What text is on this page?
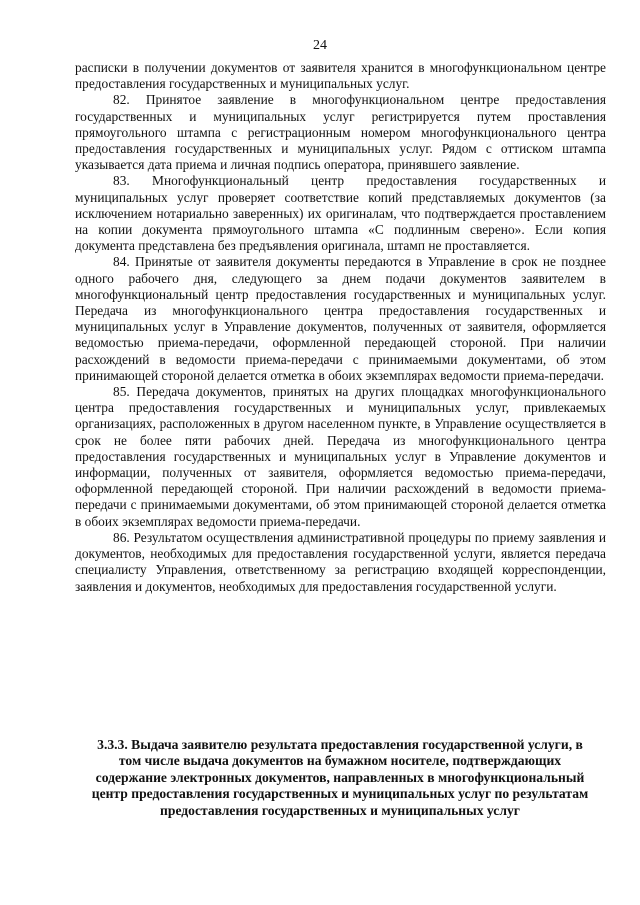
24

расписки в получении документов от заявителя хранится в многофункциональном центре предоставления государственных и муниципальных услуг.

82. Принятое заявление в многофункциональном центре предоставления государственных и муниципальных услуг регистрируется путем проставления прямоугольного штампа с регистрационным номером многофункционального центра предоставления государственных и муниципальных услуг. Рядом с оттиском штампа указывается дата приема и личная подпись оператора, принявшего заявление.

83. Многофункциональный центр предоставления государственных и муниципальных услуг проверяет соответствие копий представляемых документов (за исключением нотариально заверенных) их оригиналам, что подтверждается проставлением на копии документа прямоугольного штампа «С подлинным сверено». Если копия документа представлена без предъявления оригинала, штамп не проставляется.

84. Принятые от заявителя документы передаются в Управление в срок не позднее одного рабочего дня, следующего за днем подачи документов заявителем в многофункциональный центр предоставления государственных и муниципальных услуг. Передача из многофункционального центра предоставления государственных и муниципальных услуг в Управление документов, полученных от заявителя, оформляется ведомостью приема-передачи, оформленной передающей стороной. При наличии расхождений в ведомости приема-передачи с принимаемыми документами, об этом принимающей стороной делается отметка в обоих экземплярах ведомости приема-передачи.

85. Передача документов, принятых на других площадках многофункционального центра предоставления государственных и муниципальных услуг, привлекаемых организациях, расположенных в другом населенном пункте, в Управление осуществляется в срок не более пяти рабочих дней. Передача из многофункционального центра предоставления государственных и муниципальных услуг в Управление документов и информации, полученных от заявителя, оформляется ведомостью приема-передачи, оформленной передающей стороной. При наличии расхождений в ведомости приема-передачи с принимаемыми документами, об этом принимающей стороной делается отметка в обоих экземплярах ведомости приема-передачи.

86. Результатом осуществления административной процедуры по приему заявления и документов, необходимых для предоставления государственной услуги, является передача специалисту Управления, ответственному за регистрацию входящей корреспонденции, заявления и документов, необходимых для предоставления государственной услуги.

3.3.3. Выдача заявителю результата предоставления государственной услуги, в том числе выдача документов на бумажном носителе, подтверждающих содержание электронных документов, направленных в многофункциональный центр предоставления государственных и муниципальных услуг по результатам предоставления государственных и муниципальных услуг
